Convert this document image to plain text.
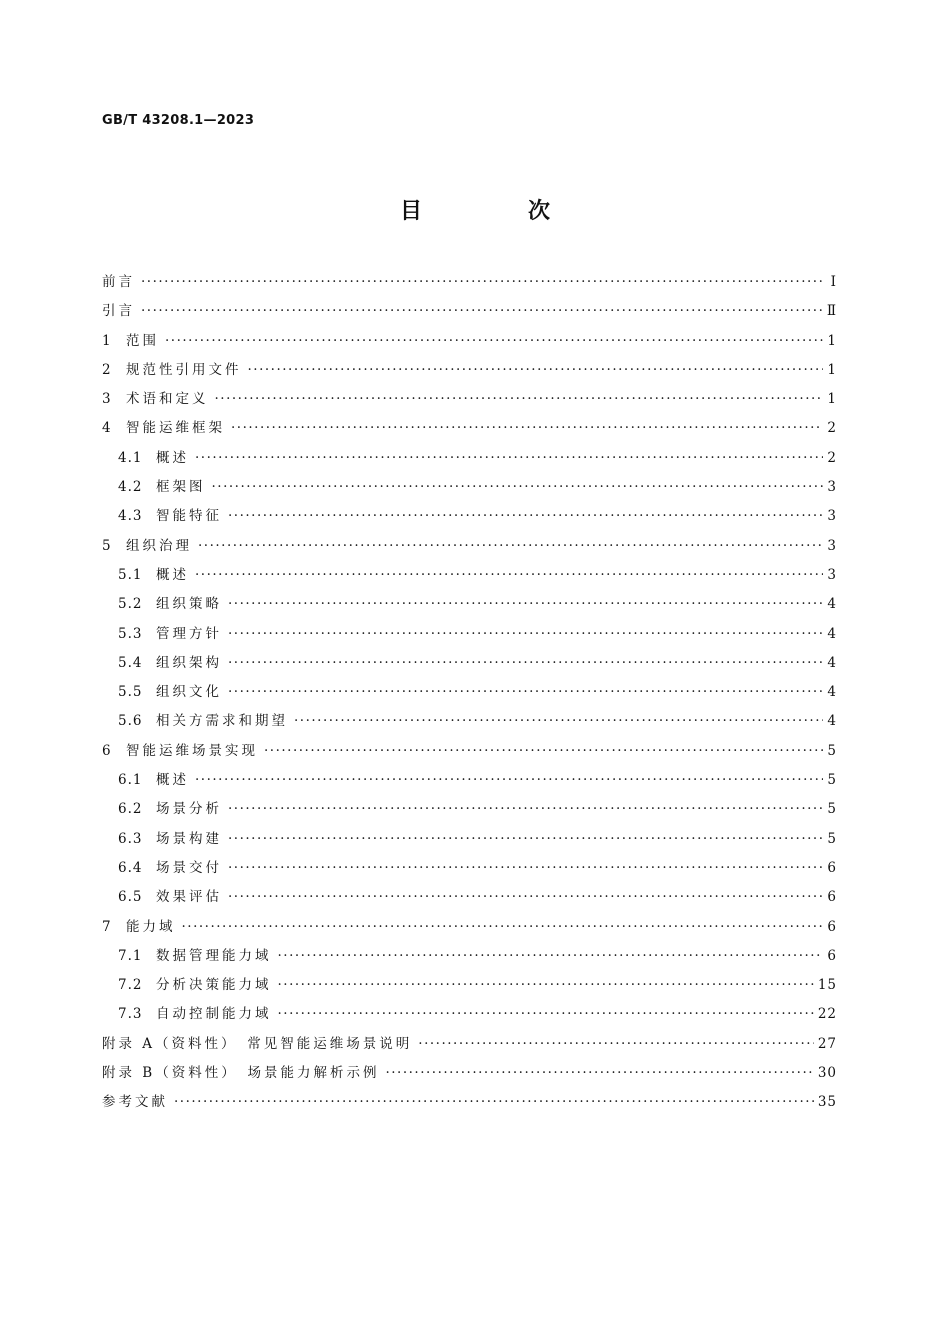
GB/T 43208.1—2023
目　次
前言 ·····	Ⅰ
引言 ·····	Ⅱ
1	范围 ·····	1
2	规范性引用文件 ·····	1
3	术语和定义 ·····	1
4	智能运维框架 ·····	2
4.1	概述 ·····	2
4.2	框架图 ·····	3
4.3	智能特征 ·····	3
5	组织治理 ·····	3
5.1	概述 ·····	3
5.2	组织策略 ·····	4
5.3	管理方针 ·····	4
5.4	组织架构 ·····	4
5.5	组织文化 ·····	4
5.6	相关方需求和期望 ·····	4
6	智能运维场景实现 ·····	5
6.1	概述 ·····	5
6.2	场景分析 ·····	5
6.3	场景构建 ·····	5
6.4	场景交付 ·····	6
6.5	效果评估 ·····	6
7	能力域 ·····	6
7.1	数据管理能力域 ·····	6
7.2	分析决策能力域 ·····	15
7.3	自动控制能力域 ·····	22
附录 A（资料性）　常见智能运维场景说明 ·····	27
附录 B（资料性）　场景能力解析示例 ·····	30
参考文献 ·····	35
